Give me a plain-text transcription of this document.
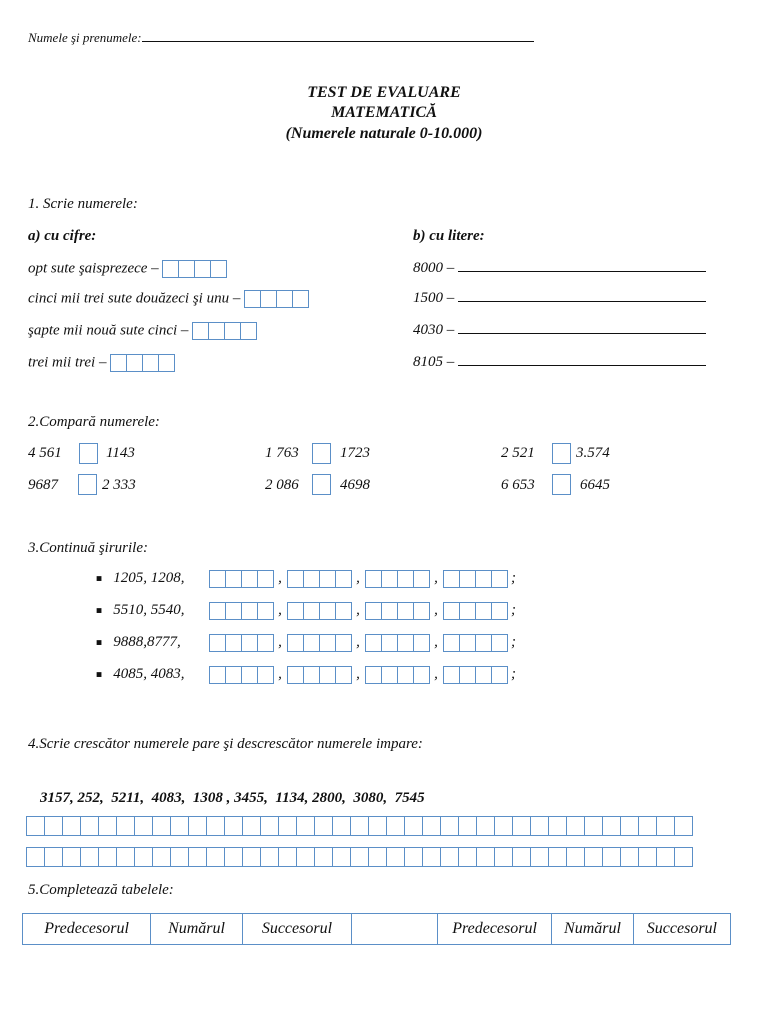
Numele şi prenumele:
TEST DE EVALUARE
MATEMATICĂ
(Numerele naturale 0-10.000)
1. Scrie numerele:
a) cu cifre:	b) cu litere:
opt sute şaisprezece –
cinci mii trei sute douăzeci şi unu –
şapte mii nouă sute cinci –
trei mii trei –
8000 –
1500 –
4030 –
8105 –
2.Compară numerele:
4 561	1143	1 763	1723	2 521	3.574
9687	2 333	2 086	4698	6 653	6645
3.Continuă şirurile:
■ 1205, 1208,	,	,	,	;
■ 5510, 5540,	,	,	,	;
■ 9888,8777,	,	,	,	;
■ 4085, 4083,	,	,	,	;
4.Scrie crescător numerele pare şi descrescător numerele impare:
3157, 252,  5211,  4083,  1308 , 3455,  1134, 2800,  3080,  7545
5.Completează tabelele:
Predecesorul	Numărul	Succesorul	Predecesorul	Numărul	Succesorul
